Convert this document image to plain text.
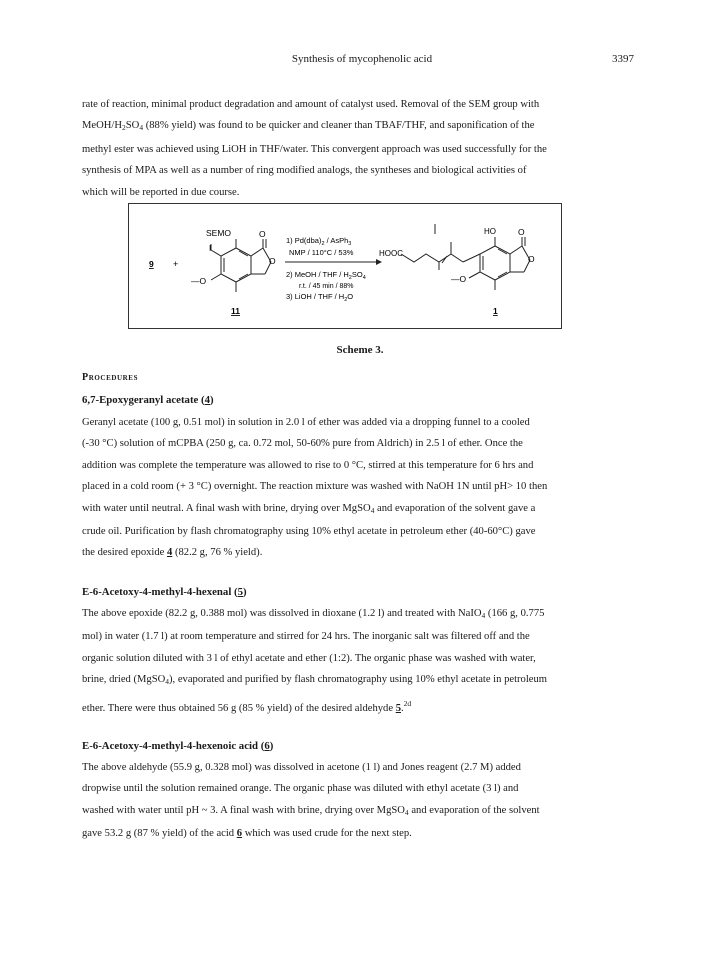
Synthesis of mycophenolic acid	3397
rate of reaction, minimal product degradation and amount of catalyst used. Removal of the SEM group with
MeOH/$H_2SO_4$ (88% yield) was found to be quicker and cleaner than TBAF/THF, and saponification of the
methyl ester was achieved using LiOH in THF/water. This convergent approach was used successfully for the
synthesis of MPA as well as a number of ring modified analogs, the syntheses and biological activities of
which will be reported in due course.
9 +
SEMO
I
O
O
—O
11
1) $Pd(dba)_2$ / AsPh$_3$
NMP / 110°C / 53%
2) MeOH / THF / $H_2SO_4$
r.t. / 45 min / 88%
3) LiOH / THF / $H_2O$
HOOC
HO	O
O
—O
1
Scheme 3.
Procedures
6,7-Epoxygeranyl acetate (4)
Geranyl acetate (100 g, 0.51 mol) in solution in 2.0 l of ether was added via a dropping funnel to a cooled
(-30 °C) solution of mCPBA (250 g, ca. 0.72 mol, 50-60% pure from Aldrich) in 2.5 l of ether. Once the
addition was complete the temperature was allowed to rise to 0 °C, stirred at this temperature for 6 hrs and
placed in a cold room (+ 3 °C) overnight. The reaction mixture was washed with NaOH 1N until pH> 10 then
with water until neutral. A final wash with brine, drying over MgSO$_4$ and evaporation of the solvent gave a
crude oil. Purification by flash chromatography using 10% ethyl acetate in petroleum ether (40-60°C) gave
the desired epoxide 4 (82.2 g, 76 % yield).
E-6-Acetoxy-4-methyl-4-hexenal (5)
The above epoxide (82.2 g, 0.388 mol) was dissolved in dioxane (1.2 l) and treated with NaIO$_4$ (166 g, 0.775
mol) in water (1.7 l) at room temperature and stirred for 24 hrs. The inorganic salt was filtered off and the
organic solution diluted with 3 l of ethyl acetate and ether (1:2). The organic phase was washed with water,
brine, dried (MgSO$_4$), evaporated and purified by flash chromatography using 10% ethyl acetate in petroleum
ether. There were thus obtained 56 g (85 % yield) of the desired aldehyde 5.$^{2d}$
E-6-Acetoxy-4-methyl-4-hexenoic acid (6)
The above aldehyde (55.9 g, 0.328 mol) was dissolved in acetone (1 l) and Jones reagent (2.7 M) added
dropwise until the solution remained orange. The organic phase was diluted with ethyl acetate (3 l) and
washed with water until pH ~ 3. A final wash with brine, drying over MgSO$_4$ and evaporation of the solvent
gave 53.2 g (87 % yield) of the acid 6 which was used crude for the next step.
